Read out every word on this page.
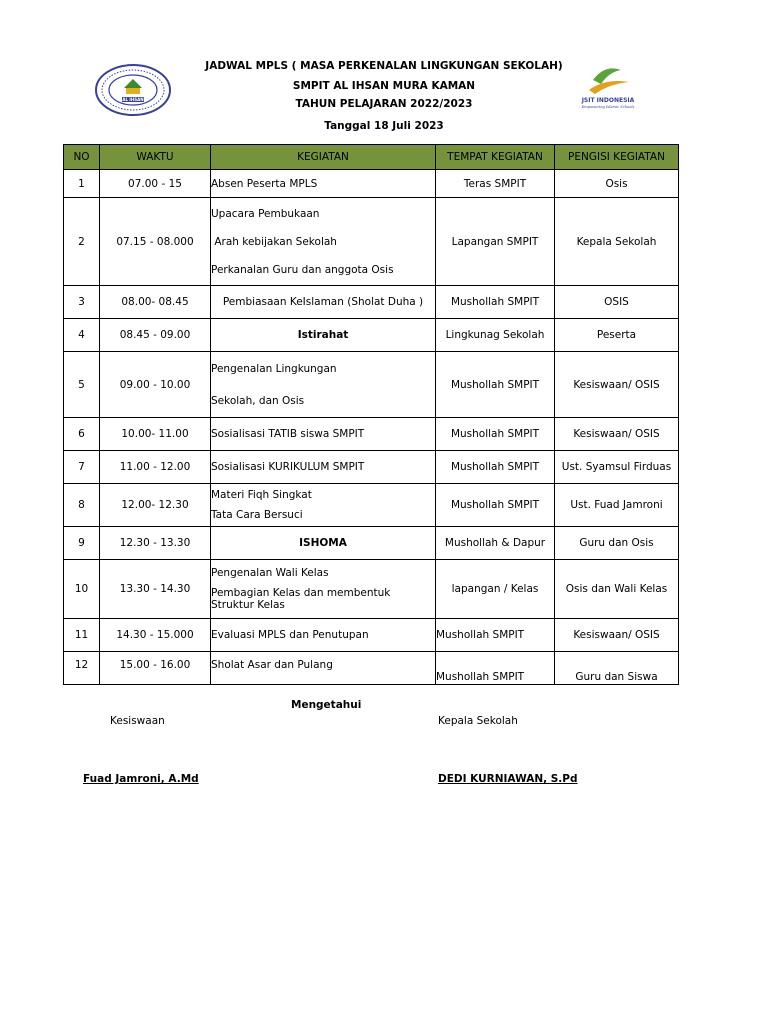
JADWAL MPLS ( MASA PERKENALAN LINGKUNGAN SEKOLAH)
SMPIT AL IHSAN MURA KAMAN
TAHUN PELAJARAN 2022/2023
Tanggal 18 Juli 2023
AL IHSAN	JSIT INDONESIA
Empowering Islamic Schools
NO	WAKTU	KEGIATAN	TEMPAT KEGIATAN	PENGISI KEGIATAN
1	07.00 - 15	Absen Peserta MPLS	Teras SMPIT	Osis
2	07.15 - 08.000	Upacara Pembukaan
Arah kebijakan Sekolah
Perkanalan Guru dan anggota Osis	Lapangan SMPIT	Kepala Sekolah
3	08.00- 08.45	Pembiasaan KeIslaman (Sholat Duha )	Mushollah SMPIT	OSIS
4	08.45 - 09.00	Istirahat	Lingkunag Sekolah	Peserta
5	09.00 - 10.00	Pengenalan Lingkungan
Sekolah, dan Osis	Mushollah SMPIT	Kesiswaan/ OSIS
6	10.00- 11.00	Sosialisasi TATIB siswa SMPIT	Mushollah SMPIT	Kesiswaan/ OSIS
7	11.00 - 12.00	Sosialisasi KURIKULUM SMPIT	Mushollah SMPIT	Ust. Syamsul Firduas
8	12.00- 12.30	Materi Fiqh Singkat
Tata Cara Bersuci	Mushollah SMPIT	Ust. Fuad Jamroni
9	12.30 - 13.30	ISHOMA	Mushollah & Dapur	Guru dan Osis
10	13.30 - 14.30	Pengenalan Wali Kelas
Pembagian Kelas dan membentuk Struktur Kelas	lapangan / Kelas	Osis dan Wali Kelas
11	14.30 - 15.000	Evaluasi MPLS dan Penutupan	Mushollah SMPIT	Kesiswaan/ OSIS
12	15.00 - 16.00	Sholat Asar dan Pulang	Mushollah SMPIT	Guru dan Siswa
Mengetahui
Kesiswaan	Kepala Sekolah
Fuad Jamroni, A.Md	DEDI KURNIAWAN, S.Pd
